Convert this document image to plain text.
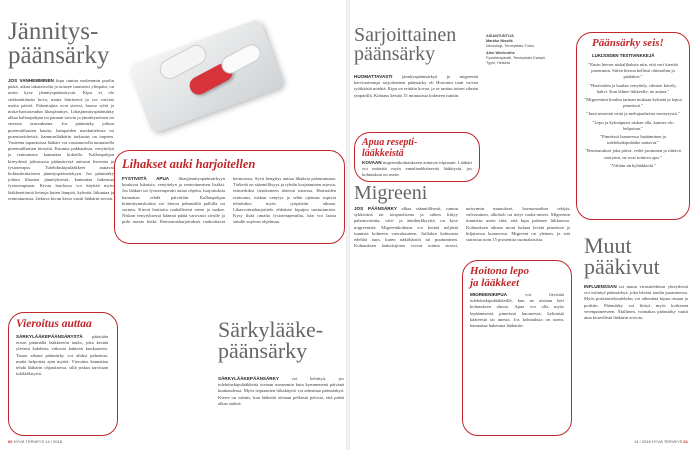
Jännitys-
päänsärky
JOS VANHEMMINEN kipu tuntuu molemmin puolin päätä, aikaa takaraivolta ja nousee tasaisesti ylöspäin, on usein kyse jännityspäänsärystä. Kipu ei ole sietämättömän kova, mutta häiritsevä ja voi vaivata useita päiviä. Pahentajina ovat stressi, huono ryhti ja niska-hartiaseudun lihasjännitys. Lihasjännityspäänsärky alkaa kallonpohjan tai pannan tavoin ja jännittyneinen tai stressin seurauksena. Jos päänsärky johtuu puremalihasten kautta, hampaiden narskuttelusta tai purentavirheistä, hammaslääkärin tarkastus on tarpeen. Vasteena tapauksissa lääkäri voi vastaanotolla tunnustella puremalihasten kireyttä. Kuumia pakkauksia, venyttelyä ja rentoutusta kannattaa kokeilla. Kallonpohjan kireydestä johtuvassa päänsäryssä auttavat hieronta ja fysioterapia. Tulehduskipulääkkeet auttavat kohtauksittaiseen jännityspäänsärkyyn. Jos päänsärky johtuu lihasten jännityksestä, kannattaa hakeutua fysioterapiaan. Kivun hoidossa voi käyttää myös lääkkeettömiä keinoja kuten lämpöä, kylmää, liikuntaa ja rentoutumista. Jatkuva kivun kesto vaatii lääkärin arvion.
Lihakset auki harjoitellen
FYSTIVIITÄ APUA lihasjännityspäänsärkyyn kuuluvat lukuisia, venyttelyn ja rentoutumisen lisäksi. Jos lääkäri tai fysioterapeutti antaa ohjeita, harjoituksia kannattaa tehdä päivittäin. Kallonpohjan kiinnittymiskohtia voi hieroa pehmeällä pallolla tai sormin. Kierrä hartioita rauhallisesti eteen ja taakse. Niskan venytyksessä käännä päätä varovasti sivulle ja pidä asento hetki. Rentoutusharjoitukset rauhoittavat hermostoa. Syvä hengitys auttaa lihaksia palautumaan. Tärkeää on säännöllisyys ja ryhdin korjaaminen arjessa, esimerkiksi tietokoneen ääressä istuessa. Hartioiden rentoutus, niskan venytys ja selän ojennus sopivat tehtäväksi myös työpäivän aikana. Lihasvoimaharjoittelu ehkäisee kipujen uusiutumista. Kysy lisää omalta fysioterapeutilta, hän voi laatia sinulle sopivan ohjelman.
Vieroitus auttaa
SÄRKYLÄÄKEPÄÄNSÄRYSTÄ päästään eroon pitämällä lääkkeetön tauko, joka kestää yleensä kahdesta viikosta kahteen kuukauteen. Tauon aikana päänsärky voi aluksi pahentua, mutta helpottaa ajan myötä. Vieroitus kannattaa tehdä lääkärin ohjauksessa, sillä joskus tarvitaan tukilääkitystä.
Särkylääke-
päänsärky
SÄRKYLÄÄKEPÄÄNSÄRKY	voi kehittyä, jos tulehduskipulääkkeitä otetaan useammin kuin kymmenenä päivänä kuukaudessa. Myös triptaanien liikakäyttö voi aiheuttaa päänsärkyä. Kierre on valmis, kun lääkettä otetaan pelkästä pelosta, että päätä alkaa särkeä.
60 HYVÄ TERVEYS 14 / 2018
Sarjoittainen
päänsärky
HUOMATTAVASTI jännityspäänsärkyä ja migreeniä harvinaisempi sarjoittainen päänsärky eli Hortonin tauti vaivaa työikäisiä miehiä. Kipu on erittäin kovaa, ja se tuntuu toisen silmän ympärillä. Kohtaus kestää 15 minuutista kolmeen tuntiin.
ASIANTUNTIJA
Markku Nissilä
Neurologi, Terveystalo Turku
Aino Weckrothe
Fysioterapeutti, Terveystalo Kampii, Tyyni, Helsinki
Apua resepti-
lääkkeistä
KOVAAN migreenikohtaukseen auttavat triptaanit. Lääkäri voi määrätä myös ennaltaehkäisevää lääkitystä, jos kohtauksia on usein.
Migreeni
JOS PÄÄNSÄRKY alkaa säännöllisesti, tuntuu sykkivänä tai toispuolisena ja siihen liittyy pahoinvointia, valo- ja ääniherkkyyttä, on kyse migreenistä. Migreenikohtaus voi kestää neljästä tunnista kolmeen vuorokauteen. Joillakin kohtausta edeltää aura, kuten näköhäiriöt tai puutuminen. Kohtauksen laukaisijoina voivat toimia stressi, unirytmin muutokset, hormonaaliset tekijät, valvominen, alkoholi tai tietyt ruoka-aineet. Migreenin tunnistaa usein siitä, että kipu pahenee liikkuessa. Kohtauksen aikana moni haluaa levätä pimeässä ja hiljaisessa huoneessa. Migreeni on yleinen, ja sitä sairastaa noin 15 prosenttia suomalaisista.
Hoitona lepo
ja lääkkeet
MIGREENIKIPUA	voi lievittää tulehduskipulääkkeillä, kun ne otetaan heti kohtauksen alussa. Apua voi olla myös lepäämisestä pimeässä huoneessa, kylmästä kääreestä tai unesta. Jos kohtauksia on usein, kannattaa hakeutua lääkäriin.
Päänsärky seis!
LUKIJOIDEN TESTIVINKKEJÄ

"Ensin hieron niskalihaksia niin, että veri kiertää paremmin. Sitten hieron hellästi ohimoihin ja päälakea."

"Hartioiden ja kaulan venyttely, silmien kävely, hahvi. Kun lähtee liikkeelle, ne auttaa."

"Migreeniini kuuluu tarinan mukaan kylmää ja lepoa pimeässä."

"Juon nesteinä vettä ja mehujauheista nesteytystä."

"Lepo ja kylmäpussi niskan alla, kunnes olo helpottaa."

"Pimeässä huoneessa lepääminen ja tulehduskipulääke auttavat."

"Rentoutukset joka päivä, vedet juominen ja riittävä unirytmi, ne ovat toimiva apu."

"Välttän särkylääkkeitä."

Muut
pääkivut
INFLUENSSAN tai muun virusinfektion yhteydessä voi esiintyä päänsärkyä, joka häviää taudin parantuessa. Myös poskiontelotulehdus voi aiheuttaa kipua otsaan ja poskiin. Päänsärky voi liittyä myös korkeaan verenpaineeseen. Äkillinen, voimakas päänsärky vaatii aina kiireellistä lääkärin arviota.
14 / 2018 HYVÄ TERVEYS 61
